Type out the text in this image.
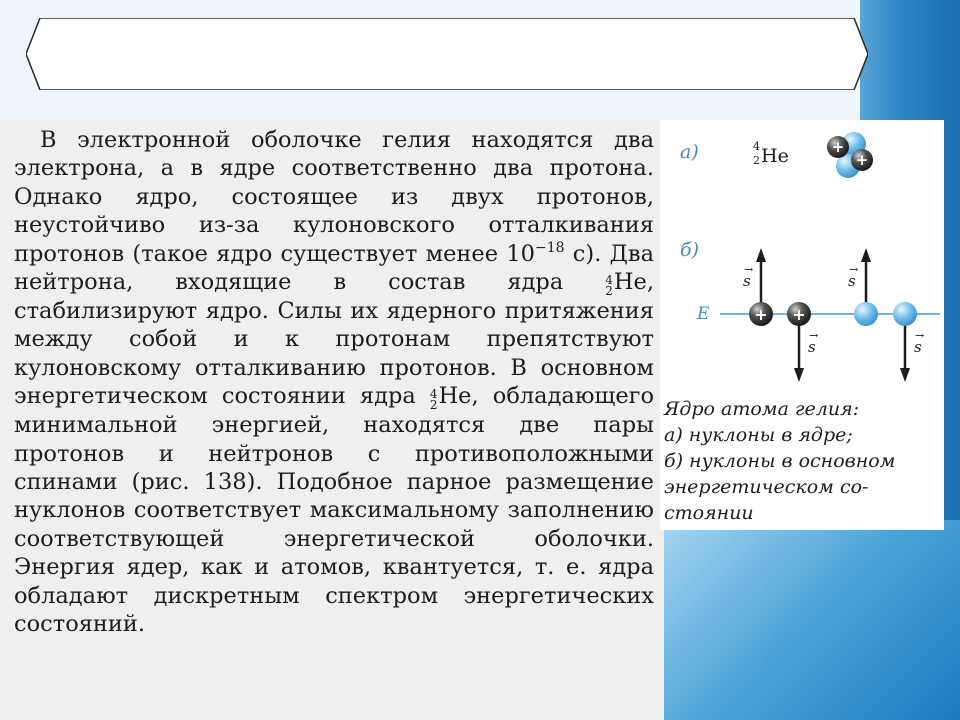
В электронной оболочке гелия находятся два электрона, а в ядре соответственно два протона. Однако ядро, состоящее из двух протонов, неустойчиво из-за кулоновского отталкивания протонов (такое ядро существует менее $10^{-18}$ с). Два нейтрона, входящие в состав ядра 4
2 He, стабилизируют ядро. Силы их ядерного притяжения между собой и к протонам препятствуют кулоновскому отталкиванию протонов. В основном энергетическом состоянии ядра 4
2 He, обладающего минимальной энергией, находятся две пары протонов и нейтронов с противоположными спинами (рис. 138). Подобное парное размещение нуклонов соответствует максимальному заполнению соответствующей энергетической оболочки. Энергия ядер, как и атомов, квантуется, т. е. ядра обладают дискретным спектром энергетических состояний.
а)
б)
4
2 He	+
+
E
s
s
s
s
→
→
→
→
+ +
Ядро атома гелия:
а) нуклоны в ядре;
б) нуклоны в основном
энергетическом со-
стоянии
